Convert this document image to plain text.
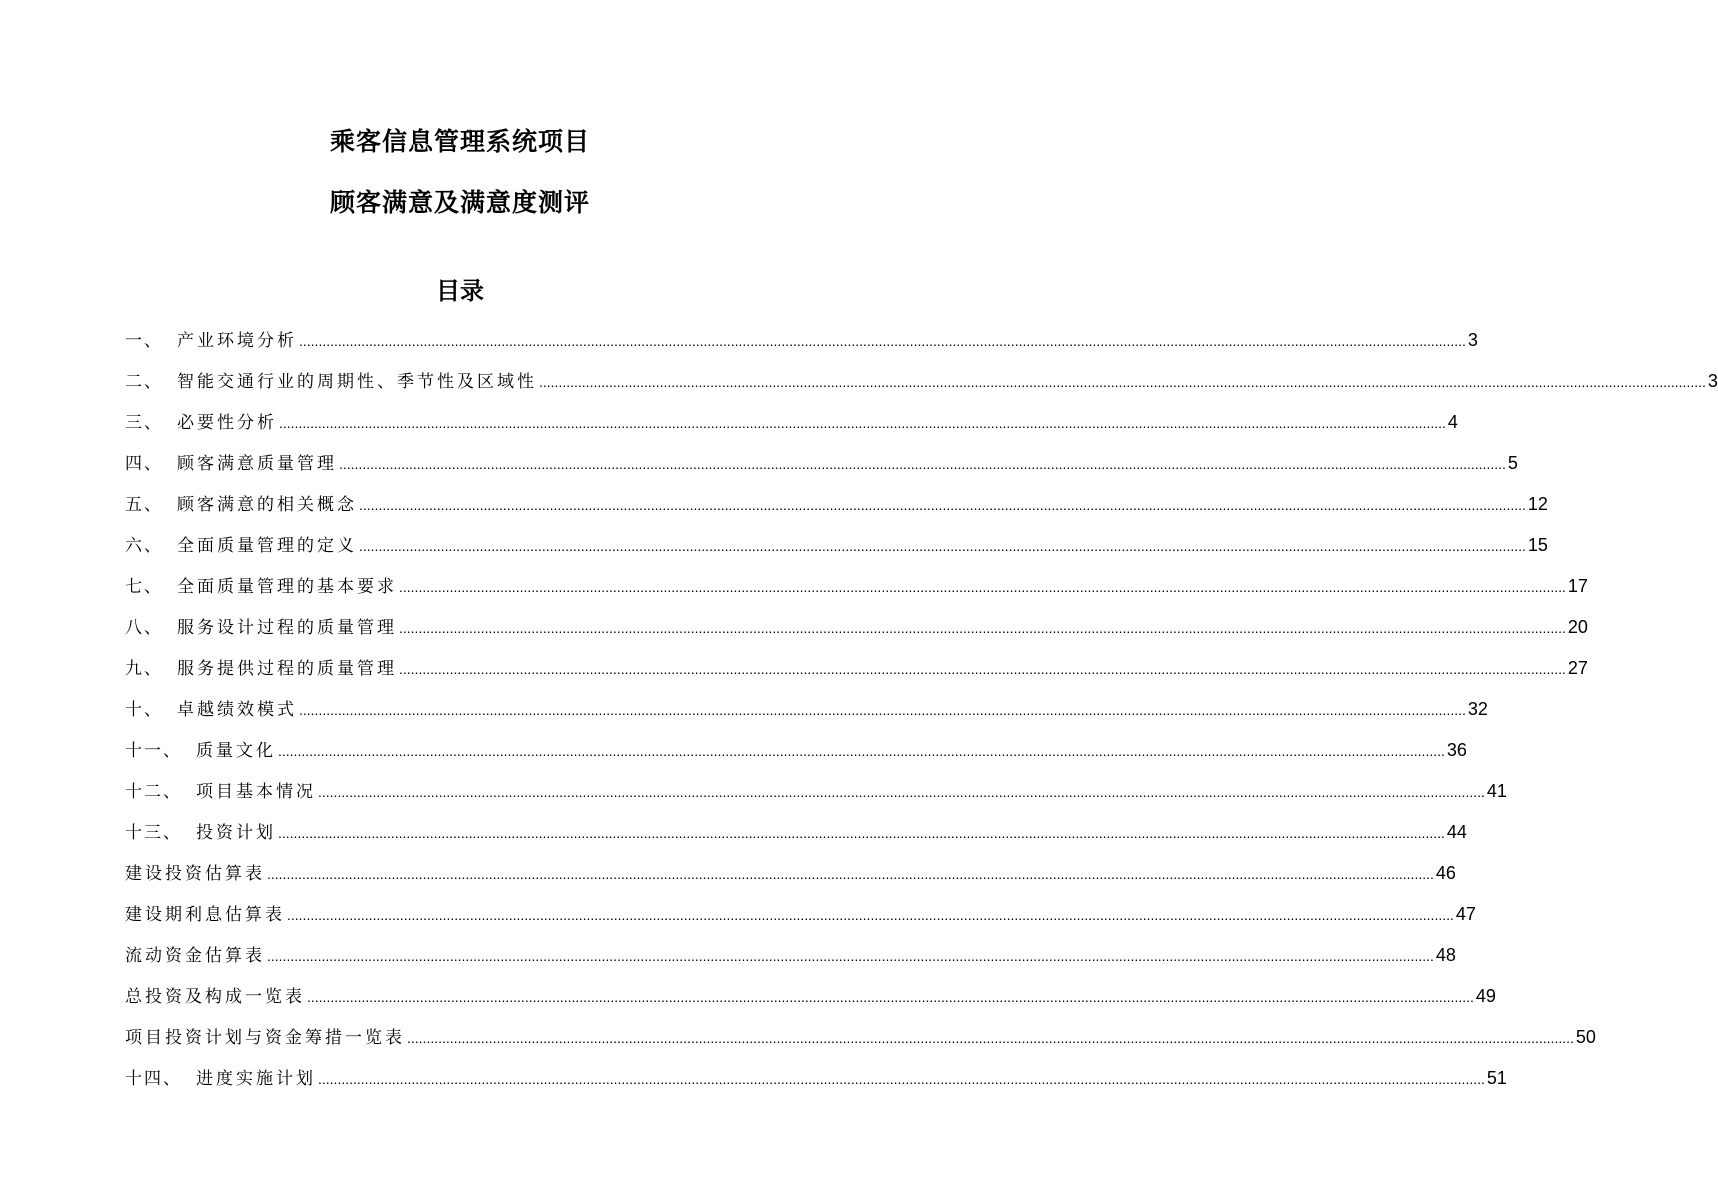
乘客信息管理系统项目
顾客满意及满意度测评
目录
一、 产业环境分析 ............................................................................................................................................................................................................................................................................................................ 3
二、 智能交通行业的周期性、季节性及区域性 ............................................................................................................................................................................................................................................................................................................ 3
三、 必要性分析 ............................................................................................................................................................................................................................................................................................................ 4
四、 顾客满意质量管理 ............................................................................................................................................................................................................................................................................................................ 5
五、 顾客满意的相关概念 ............................................................................................................................................................................................................................................................................................................ 12
六、 全面质量管理的定义 ............................................................................................................................................................................................................................................................................................................ 15
七、 全面质量管理的基本要求 ............................................................................................................................................................................................................................................................................................................ 17
八、 服务设计过程的质量管理 ............................................................................................................................................................................................................................................................................................................ 20
九、 服务提供过程的质量管理 ............................................................................................................................................................................................................................................................................................................ 27
十、 卓越绩效模式 ............................................................................................................................................................................................................................................................................................................ 32
十一、 质量文化 ............................................................................................................................................................................................................................................................................................................ 36
十二、 项目基本情况 ............................................................................................................................................................................................................................................................................................................ 41
十三、 投资计划 ............................................................................................................................................................................................................................................................................................................ 44
建设投资估算表 ............................................................................................................................................................................................................................................................................................................ 46
建设期利息估算表 ............................................................................................................................................................................................................................................................................................................ 47
流动资金估算表 ............................................................................................................................................................................................................................................................................................................ 48
总投资及构成一览表 ............................................................................................................................................................................................................................................................................................................ 49
项目投资计划与资金筹措一览表 ............................................................................................................................................................................................................................................................................................................ 50
十四、 进度实施计划 ............................................................................................................................................................................................................................................................................................................ 51
